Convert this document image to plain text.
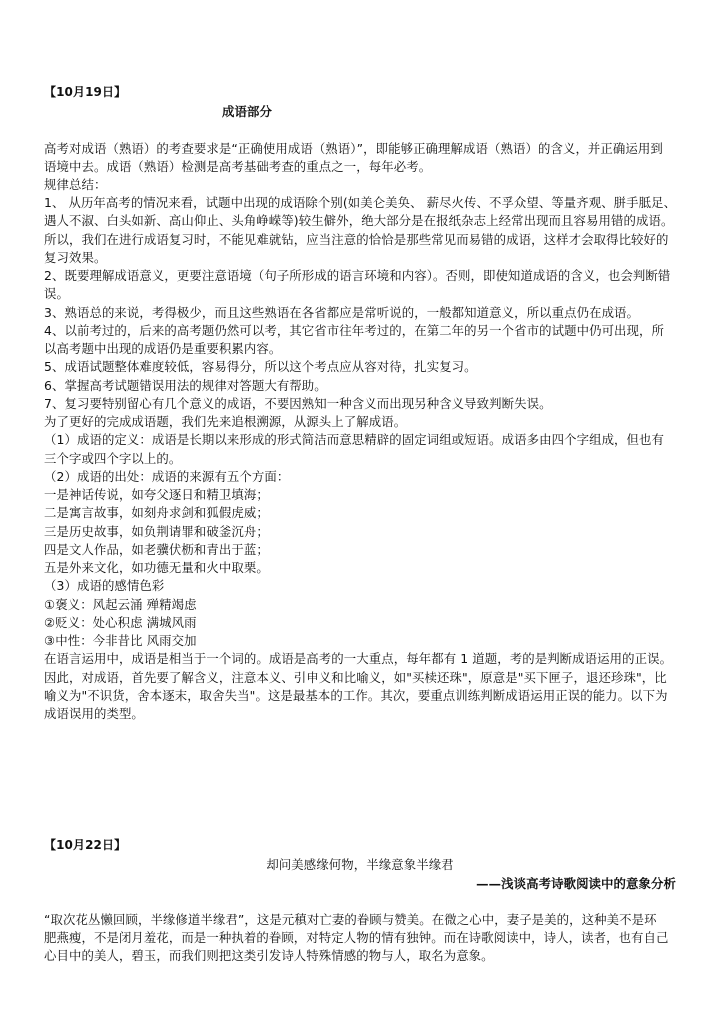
【10月19日】
成语部分
高考对成语（熟语）的考查要求是“正确使用成语（熟语）”，即能够正确理解成语（熟语）的含义，并正确运用到
语境中去。成语（熟语）检测是高考基础考查的重点之一，每年必考。
规律总结：
1、 从历年高考的情况来看，试题中出现的成语除个别(如美仑美奂、 薪尽火传、不孚众望、等量齐观、胼手胝足、
遇人不淑、白头如新、高山仰止、头角峥嵘等)较生僻外，绝大部分是在报纸杂志上经常出现而且容易用错的成语。
所以，我们在进行成语复习时，不能见难就钻，应当注意的恰恰是那些常见而易错的成语，这样才会取得比较好的
复习效果。
2、既要理解成语意义，更要注意语境（句子所形成的语言环境和内容）。否则，即使知道成语的含义，也会判断错
误。
3、熟语总的来说，考得极少，而且这些熟语在各省都应是常听说的，一般都知道意义，所以重点仍在成语。
4、以前考过的，后来的高考题仍然可以考，其它省市往年考过的，在第二年的另一个省市的试题中仍可出现，所
以高考题中出现的成语仍是重要积累内容。
5、成语试题整体难度较低，容易得分，所以这个考点应从容对待，扎实复习。
6、掌握高考试题错误用法的规律对答题大有帮助。
7、复习要特别留心有几个意义的成语，不要因熟知一种含义而出现另种含义导致判断失误。
为了更好的完成成语题，我们先来追根溯源，从源头上了解成语。
（1）成语的定义：成语是长期以来形成的形式简洁而意思精辟的固定词组或短语。成语多由四个字组成，但也有
三个字或四个字以上的。
（2）成语的出处：成语的来源有五个方面：
一是神话传说，如夸父逐日和精卫填海；
二是寓言故事，如刻舟求剑和狐假虎威；
三是历史故事，如负荆请罪和破釜沉舟；
四是文人作品，如老骥伏枥和青出于蓝；
五是外来文化，如功德无量和火中取栗。
（3）成语的感情色彩
①褒义：风起云涌 殚精竭虑
②贬义：处心积虑 满城风雨
③中性：今非昔比 风雨交加
在语言运用中，成语是相当于一个词的。成语是高考的一大重点，每年都有 1 道题，考的是判断成语运用的正误。
因此，对成语，首先要了解含义，注意本义、引申义和比喻义，如"买椟还珠"，原意是"买下匣子，退还珍珠"，比
喻义为"不识货，舍本逐末，取舍失当"。这是最基本的工作。其次，要重点训练判断成语运用正误的能力。以下为
成语误用的类型。
【10月22日】
却问美感缘何物，半缘意象半缘君
——浅谈高考诗歌阅读中的意象分析
“取次花丛懒回顾，半缘修道半缘君”，这是元稹对亡妻的眷顾与赞美。在微之心中，妻子是美的，这种美不是环
肥燕瘦，不是闭月羞花，而是一种执着的眷顾，对特定人物的情有独钟。而在诗歌阅读中，诗人，读者，也有自己
心目中的美人，碧玉，而我们则把这类引发诗人特殊情感的物与人，取名为意象。
